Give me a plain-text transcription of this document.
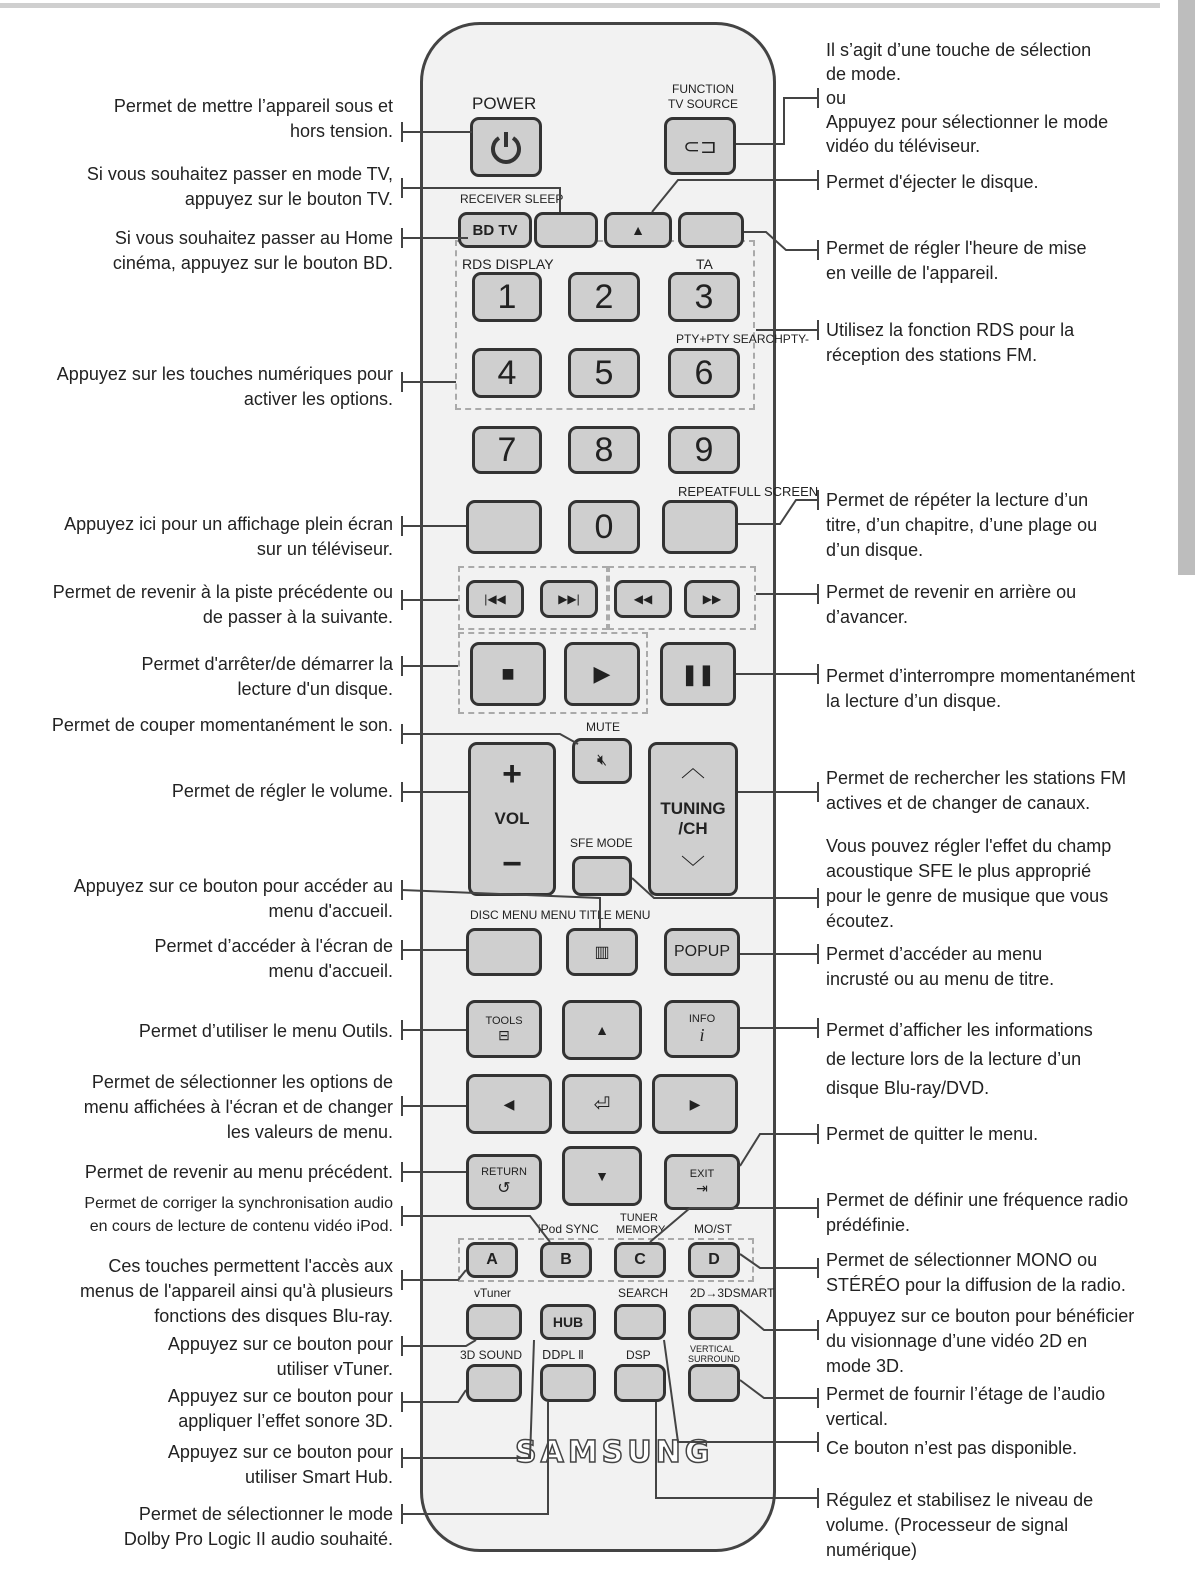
POWER
FUNCTION
TV SOURCE
⊂⊐
RECEIVER SLEEP
BD TV	▲
RDS DISPLAY	TA
1	2	3
PTY+PTY SEARCHPTY-
4	5	6
7	8	9
REPEATFULL SCREEN
0
|◀◀	▶▶|	◀◀	▶▶
■	▶	❚❚
MUTE
🔇︎
+
VOL
−
︿
TUNING
/CH
﹀
SFE MODE
DISC MENU MENU TITLE MENU
▥	POPUP
▲
◀	⏎	▶
▼
TOOLS
⊟
INFO
i
RETURN
↺
EXIT
⇥
iPod SYNC
TUNER
MEMORY MO/ST
A	B	C	D
vTuner	SEARCH 2D→3DSMART
HUB
3D SOUND ⅮⅮPL Ⅱ	DSP	VERTICAL
SURROUND
SAMSUNG
Permet de mettre l’appareil sous et
hors tension.
Si vous souhaitez passer en mode TV,
appuyez sur le bouton TV.
Si vous souhaitez passer au Home
cinéma, appuyez sur le bouton BD.
Appuyez sur les touches numériques pour
activer les options.
Appuyez ici pour un affichage plein écran
sur un téléviseur.
Permet de revenir à la piste précédente ou
de passer à la suivante.
Permet d'arrêter/de démarrer la
lecture d'un disque.
Permet de couper momentanément le son.
Permet de régler le volume.
Appuyez sur ce bouton pour accéder au
menu d'accueil.
Permet d’accéder à l'écran de
menu d'accueil.
Permet d’utiliser le menu Outils.
Permet de sélectionner les options de
menu affichées à l'écran et de changer
les valeurs de menu.
Permet de revenir au menu précédent.
Permet de corriger la synchronisation audio
en cours de lecture de contenu vidéo iPod.
Ces touches permettent l'accès aux
menus de l'appareil ainsi qu'à plusieurs
fonctions des disques Blu-ray.
Appuyez sur ce bouton pour
utiliser vTuner.
Appuyez sur ce bouton pour
appliquer l’effet sonore 3D.
Appuyez sur ce bouton pour
utiliser Smart Hub.
Permet de sélectionner le mode
Dolby Pro Logic II audio souhaité.
Il s’agit d’une touche de sélection
de mode.
ou
Appuyez pour sélectionner le mode
vidéo du téléviseur.
Permet d'éjecter le disque.
Permet de régler l'heure de mise
en veille de l'appareil.
Utilisez la fonction RDS pour la
réception des stations FM.
Permet de répéter la lecture d’un
titre, d’un chapitre, d’une plage ou
d’un disque.
Permet de revenir en arrière ou
d’avancer.
Permet d’interrompre momentanément
la lecture d’un disque.
Permet de rechercher les stations FM
actives et de changer de canaux.
Vous pouvez régler l'effet du champ
acoustique SFE le plus approprié
pour le genre de musique que vous
écoutez.
Permet d’accéder au menu
incrusté ou au menu de titre.
Permet d’afficher les informations
de lecture lors de la lecture d’un
disque Blu-ray/DVD.
Permet de quitter le menu.
Permet de définir une fréquence radio
prédéfinie.
Permet de sélectionner MONO ou
STÉRÉO pour la diffusion de la radio.
Appuyez sur ce bouton pour bénéficier
du visionnage d’une vidéo 2D en
mode 3D.
Permet de fournir l’étage de l’audio
vertical.
Ce bouton n’est pas disponible.
Régulez et stabilisez le niveau de
volume. (Processeur de signal
numérique)
